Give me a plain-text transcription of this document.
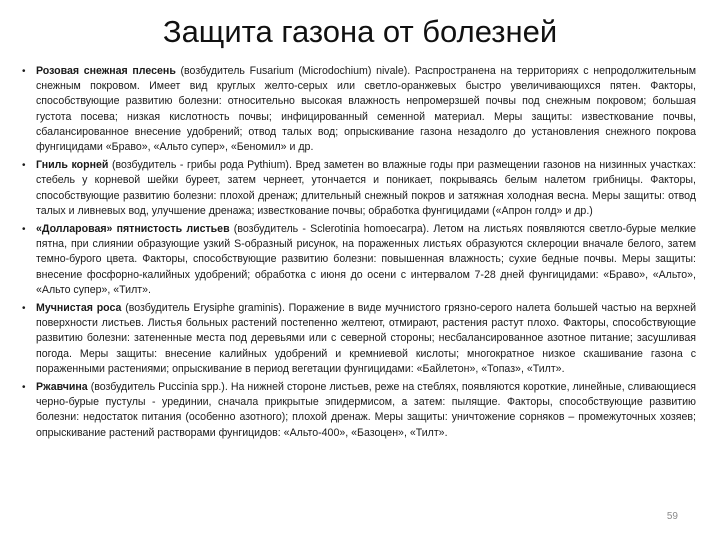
Защита газона от болезней
• Розовая снежная плесень (возбудитель Fusarium (Microdochium) nivale). Распространена на территориях с непродолжительным снежным покровом. Имеет вид круглых желто-серых или светло-оранжевых быстро увеличивающихся пятен. Факторы, способствующие развитию болезни: относительно высокая влажность непромерзшей почвы под снежным покровом; большая густота посева; низкая кислотность почвы; инфицированный семенной материал. Меры защиты: известкование почвы, сбалансированное внесение удобрений; отвод талых вод; опрыскивание газона незадолго до установления снежного покрова фунгицидами «Браво», «Альто супер», «Беномил» и др.
• Гниль корней (возбудитель - грибы рода Pythium). Вред заметен во влажные годы при размещении газонов на низинных участках: стебель у корневой шейки буреет, затем чернеет, утончается и поникает, покрываясь белым налетом грибницы. Факторы, способствующие развитию болезни: плохой дренаж; длительный снежный покров и затяжная холодная весна. Меры защиты: отвод талых и ливневых вод, улучшение дренажа; известкование почвы; обработка фунгицидами («Апрон голд» и др.)
• «Долларовая» пятнистость листьев (возбудитель - Sclerotinia homoecarpa). Летом на листьях появляются светло-бурые мелкие пятна, при слиянии образующие узкий S-образный рисунок, на пораженных листьях образуются склероции вначале белого, затем темно-бурого цвета. Факторы, способствующие развитию болезни: повышенная влажность; сухие бедные почвы. Меры защиты: внесение фосфорно-калийных удобрений; обработка с июня до осени с интервалом 7-28 дней фунгицидами: «Браво», «Альто», «Альто супер», «Тилт».
• Мучнистая роса (возбудитель Erysiphe graminis). Поражение в виде мучнистого грязно-серого налета большей частью на верхней поверхности листьев. Листья больных растений постепенно желтеют, отмирают, растения растут плохо. Факторы, способствующие развитию болезни: затененные места под деревьями или с северной стороны; несбалансированное азотное питание; засушливая погода. Меры защиты: внесение калийных удобрений и кремниевой кислоты; многократное низкое скашивание газона с пораженными растениями; опрыскивание в период вегетации фунгицидами: «Байлетон», «Топаз», «Тилт».
• Ржавчина (возбудитель Puccinia spp.). На нижней стороне листьев, реже на стеблях, появляются короткие, линейные, сливающиеся черно-бурые пустулы - урединии, сначала прикрытые эпидермисом, а затем: пылящие. Факторы, способствующие развитию болезни: недостаток питания (особенно азотного); плохой дренаж. Меры защиты: уничтожение сорняков – промежуточных хозяев; опрыскивание растений растворами фунгицидов: «Альто-400», «Базоцен», «Тилт».
59
